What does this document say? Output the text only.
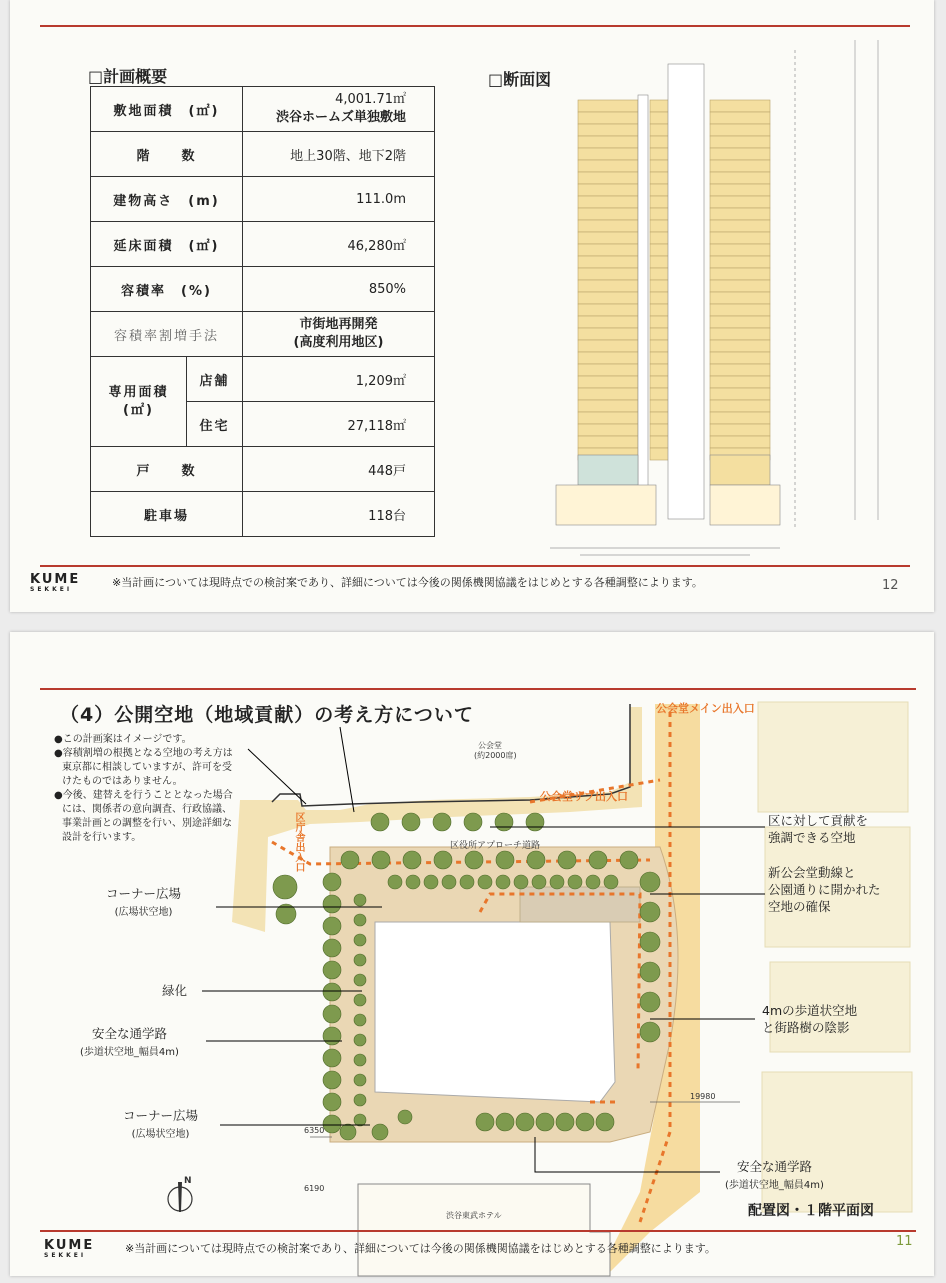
□計画概要	□断面図
敷地面積　(㎡)		4,001.71㎡
渋谷ホームズ単独敷地

階　　数		地上30階、地下2階
建物高さ　(m)		111.0m
延床面積　(㎡)		46,280㎡
容積率　(%)		850%
容積率割増手法		市街地再開発
(高度利用地区)

専用面積
(㎡)	店舗	1,209㎡
	住宅	27,118㎡
戸　　数		448戸
駐車場		118台
KUME
SEKKEI
※当計画については現時点での検討案であり、詳細については今後の関係機関協議をはじめとする各種調整によります。	12
（4）公開空地（地域貢献）の考え方について
●この計画案はイメージです。
●容積割増の根拠となる空地の考え方は東京都に相談していますが、許可を受けたものではありません。
●今後、建替えを行うこととなった場合には、関係者の意向調査、行政協議、事業計画との調整を行い、別途詳細な設計を行います。
コーナー広場
(広場状空地)
緑化
安全な通学路
(歩道状空地_幅員4m)
コーナー広場
(広場状空地)
区に対して貢献を
強調できる空地
新公会堂動線と
公園通りに開かれた
空地の確保
4mの歩道状空地
と街路樹の陰影
安全な通学路
(歩道状空地_幅員4m)
公会堂メイン出入口
公会堂サブ出入口
区庁舎出入口
公会堂
(約2000席)
区役所アプローチ道路
渋谷東武ホテル
19980
6350
6190
N
配置図・１階平面図
KUME
SEKKEI
※当計画については現時点での検討案であり、詳細については今後の関係機関協議をはじめとする各種調整によります。	11
